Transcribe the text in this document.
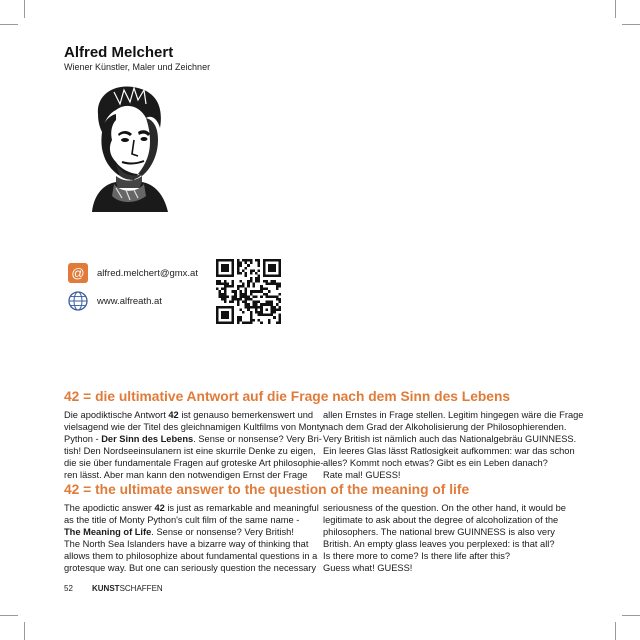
Alfred Melchert
Wiener Künstler, Maler und Zeichner
@ alfred.melchert@gmx.at
www.alfreath.at
42 = die ultimative Antwort auf die Frage nach dem Sinn des Lebens
Die apodiktische Antwort 42 ist genauso bemerkenswert und
vielsagend wie der Titel des gleichnamigen Kultfilms von Monty
Python - Der Sinn des Lebens. Sense or nonsense? Very Bri-
tish! Den Nordseeinsulanern ist eine skurrile Denke zu eigen,
die sie über fundamentale Fragen auf groteske Art philosophie-
ren lässt. Aber man kann den notwendigen Ernst der Frage
allen Ernstes in Frage stellen. Legitim hingegen wäre die Frage
nach dem Grad der Alkoholisierung der Philosophierenden.
Very British ist nämlich auch das Nationalgebräu GUINNESS.
Ein leeres Glas lässt Ratlosigkeit aufkommen: war das schon
alles? Kommt noch etwas? Gibt es ein Leben danach?
Rate mal! GUESS!
42 = the ultimate answer to the question of the meaning of life
The apodictic answer 42 is just as remarkable and meaningful
as the title of Monty Python's cult film of the same name -
The Meaning of Life. Sense or nonsense? Very British!
The North Sea Islanders have a bizarre way of thinking that
allows them to philosophize about fundamental questions in a
grotesque way. But one can seriously question the necessary
seriousness of the question. On the other hand, it would be
legitimate to ask about the degree of alcoholization of the
philosophers. The national brew GUINNESS is also very
British. An empty glass leaves you perplexed: is that all?
Is there more to come? Is there life after this?
Guess what! GUESS!
52 KUNSTSCHAFFEN
